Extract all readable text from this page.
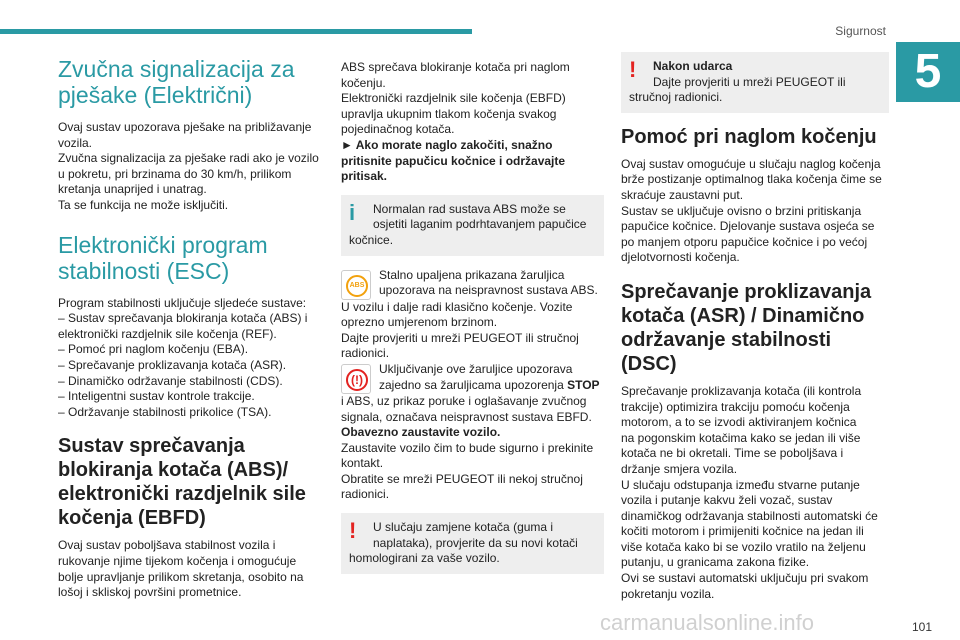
Sigurnost
5
Zvučna signalizacija za
pješake (Električni)

Ovaj sustav upozorava pješake na približavanje
vozila.
Zvučna signalizacija za pješake radi ako je vozilo
u pokretu, pri brzinama do 30 km/h, prilikom
kretanja unaprijed i unatrag.
Ta se funkcija ne može isključiti.

Elektronički program
stabilnosti (ESC)

Program stabilnosti uključuje sljedeće sustave:
– Sustav sprečavanja blokiranja kotača (ABS) i
elektronički razdjelnik sile kočenja (REF).
– Pomoć pri naglom kočenju (EBA).
– Sprečavanje proklizavanja kotača (ASR).
– Dinamičko održavanje stabilnosti (CDS).
– Inteligentni sustav kontrole trakcije.
– Održavanje stabilnosti prikolice (TSA).

Sustav sprečavanja
blokiranja kotača (ABS)/
elektronički razdjelnik sile
kočenja (EBFD)

Ovaj sustav poboljšava stabilnost vozila i
rukovanje njime tijekom kočenja i omogućuje
bolje upravljanje prilikom skretanja, osobito na
lošoj i skliskoj površini prometnice.

ABS sprečava blokiranje kotača pri naglom
kočenju.
Elektronički razdjelnik sile kočenja (EBFD)
upravlja ukupnim tlakom kočenja svakog
pojedinačnog kotača.

► Ako morate naglo zakočiti, snažno
pritisnite papučicu kočnice i održavajte
pritisak.

i Normalan rad sustava ABS može se
osjetiti laganim podrhtavanjem papučice
kočnice.

ABS

Stalno upaljena prikazana žaruljica
upozorava na neispravnost sustava ABS.
U vozilu i dalje radi klasično kočenje. Vozite
oprezno umjerenom brzinom.
Dajte provjeriti u mreži PEUGEOT ili stručnoj
radionici.

(!)

Uključivanje ove žaruljice upozorava
zajedno sa žaruljicama upozorenja STOP
i ABS, uz prikaz poruke i oglašavanje zvučnog
signala, označava neispravnost sustava EBFD.
Obavezno zaustavite vozilo.
Zaustavite vozilo čim to bude sigurno i prekinite
kontakt.
Obratite se mreži PEUGEOT ili nekoj stručnoj
radionici.

! U slučaju zamjene kotača (guma i
naplataka), provjerite da su novi kotači
homologirani za vaše vozilo.

! Nakon udarca
Dajte provjeriti u mreži PEUGEOT ili
stručnoj radionici.

Pomoć pri naglom kočenju

Ovaj sustav omogućuje u slučaju naglog kočenja
brže postizanje optimalnog tlaka kočenja čime se
skraćuje zaustavni put.
Sustav se uključuje ovisno o brzini pritiskanja
papučice kočnice. Djelovanje sustava osjeća se
po manjem otporu papučice kočnice i po većoj
djelotvornosti kočenja.

Sprečavanje proklizavanja
kotača (ASR) / Dinamično
održavanje stabilnosti (DSC)

Sprečavanje proklizavanja kotača (ili kontrola
trakcije) optimizira trakciju pomoću kočenja
motorom, a to se izvodi aktiviranjem kočnica
na pogonskim kotačima kako se jedan ili više
kotača ne bi okretali. Time se poboljšava i
držanje smjera vozila.
U slučaju odstupanja između stvarne putanje
vozila i putanje kakvu želi vozač, sustav
dinamičkog održavanja stabilnosti automatski će
kočiti motorom i primijeniti kočnice na jedan ili
više kotača kako bi se vozilo vratilo na željenu
putanju, u granicama zakona fizike.
Ovi se sustavi automatski uključuju pri svakom
pokretanju vozila.

carmanualsonline.info	101
